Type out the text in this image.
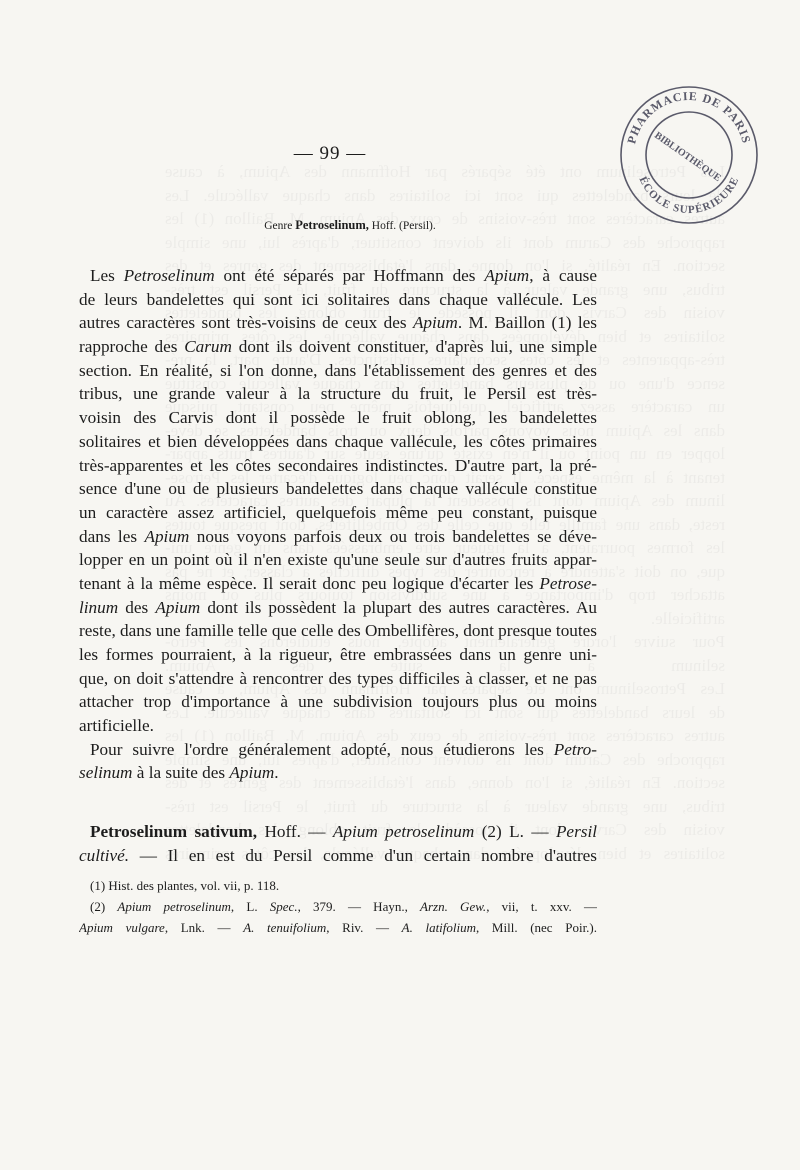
PHARMACIE DE PARIS
ÉCOLE SUPÉRIEURE
BIBLIOTHÈQUE
— 99 —
Genre Petroselinum, Hoff. (Persil).
Les Petroselinum ont été séparés par Hoffmann des Apium, à cause
de leurs bandelettes qui sont ici solitaires dans chaque vallécule. Les
autres caractères sont très-voisins de ceux des Apium. M. Baillon (1) les
rapproche des Carum dont ils doivent constituer, d'après lui, une simple
section. En réalité, si l'on donne, dans l'établissement des genres et des
tribus, une grande valeur à la structure du fruit, le Persil est très-
voisin des Carvis dont il possède le fruit oblong, les bandelettes
solitaires et bien développées dans chaque vallécule, les côtes primaires
très-apparentes et les côtes secondaires indistinctes. D'autre part, la pré-
sence d'une ou de plusieurs bandelettes dans chaque vallécule constitue
un caractère assez artificiel, quelquefois même peu constant, puisque
dans les Apium nous voyons parfois deux ou trois bandelettes se déve-
lopper en un point où il n'en existe qu'une seule sur d'autres fruits appar-
tenant à la même espèce. Il serait donc peu logique d'écarter les Petrose-
linum des Apium dont ils possèdent la plupart des autres caractères. Au
reste, dans une famille telle que celle des Ombellifères, dont presque toutes
les formes pourraient, à la rigueur, être embrassées dans un genre uni-
que, on doit s'attendre à rencontrer des types difficiles à classer, et ne pas
attacher trop d'importance à une subdivision toujours plus ou moins
artificielle.
Pour suivre l'ordre généralement adopté, nous étudierons les Petro-
selinum à la suite des Apium.
Petroselinum sativum, Hoff. — Apium petroselinum (2) L. — Persil
cultivé. — Il en est du Persil comme d'un certain nombre d'autres
(1) Hist. des plantes, vol. vii, p. 118.
(2) Apium petroselinum, L. Spec., 379. — Hayn., Arzn. Gew., vii, t. xxv. —
Apium vulgare, Lnk. — A. tenuifolium, Riv. — A. latifolium, Mill. (nec Poir.).
